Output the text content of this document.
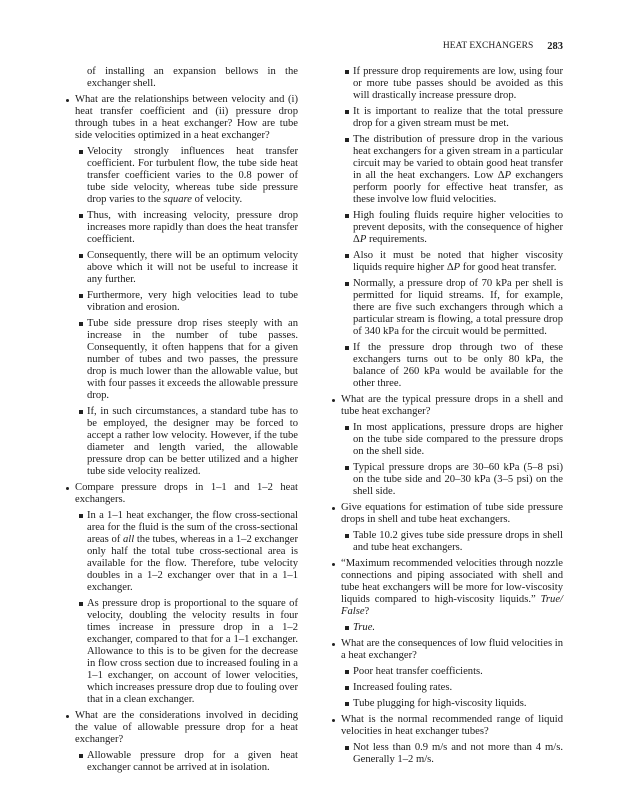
HEAT EXCHANGERS 283
of installing an expansion bellows in the exchanger shell.
What are the relationships between velocity and (i) heat transfer coefficient and (ii) pressure drop through tubes in a heat exchanger? How are tube side velocities optimized in a heat exchanger?
Velocity strongly influences heat transfer coefficient. For turbulent flow, the tube side heat transfer coefficient varies to the 0.8 power of tube side velocity, whereas tube side pressure drop varies to the square of velocity.
Thus, with increasing velocity, pressure drop increases more rapidly than does the heat transfer coefficient.
Consequently, there will be an optimum velocity above which it will not be useful to increase it any further.
Furthermore, very high velocities lead to tube vibration and erosion.
Tube side pressure drop rises steeply with an increase in the number of tube passes. Consequently, it often happens that for a given number of tubes and two passes, the pressure drop is much lower than the allowable value, but with four passes it exceeds the allowable pressure drop.
If, in such circumstances, a standard tube has to be employed, the designer may be forced to accept a rather low velocity. However, if the tube diameter and length varied, the allowable pressure drop can be better utilized and a higher tube side velocity realized.
Compare pressure drops in 1–1 and 1–2 heat exchangers.
In a 1–1 heat exchanger, the flow cross-sectional area for the fluid is the sum of the cross-sectional areas of all the tubes, whereas in a 1–2 exchanger only half the total tube cross-sectional area is available for the flow. Therefore, tube velocity doubles in a 1–2 exchanger over that in a 1–1 exchanger.
As pressure drop is proportional to the square of velocity, doubling the velocity results in four times increase in pressure drop in a 1–2 exchanger, compared to that for a 1–1 exchanger. Allowance to this is to be given for the decrease in flow cross section due to increased fouling in a 1–1 exchanger, on account of lower velocities, which increases pressure drop due to fouling over that in a clean exchanger.
What are the considerations involved in deciding the value of allowable pressure drop for a heat exchanger?
Allowable pressure drop for a given heat exchanger cannot be arrived at in isolation.
If pressure drop requirements are low, using four or more tube passes should be avoided as this will drastically increase pressure drop.
It is important to realize that the total pressure drop for a given stream must be met.
The distribution of pressure drop in the various heat exchangers for a given stream in a particular circuit may be varied to obtain good heat transfer in all the heat exchangers. Low ΔP exchangers perform poorly for effective heat transfer, as these involve low fluid velocities.
High fouling fluids require higher velocities to prevent deposits, with the consequence of higher ΔP requirements.
Also it must be noted that higher viscosity liquids require higher ΔP for good heat transfer.
Normally, a pressure drop of 70 kPa per shell is permitted for liquid streams. If, for example, there are five such exchangers through which a particular stream is flowing, a total pressure drop of 340 kPa for the circuit would be permitted.
If the pressure drop through two of these exchangers turns out to be only 80 kPa, the balance of 260 kPa would be available for the other three.
What are the typical pressure drops in a shell and tube heat exchanger?
In most applications, pressure drops are higher on the tube side compared to the pressure drops on the shell side.
Typical pressure drops are 30–60 kPa (5–8 psi) on the tube side and 20–30 kPa (3–5 psi) on the shell side.
Give equations for estimation of tube side pressure drops in shell and tube heat exchangers.
Table 10.2 gives tube side pressure drops in shell and tube heat exchangers.
“Maximum recommended velocities through nozzle connections and piping associated with shell and tube heat exchangers will be more for low-viscosity liquids compared to high-viscosity liquids.” True/ False?
True.
What are the consequences of low fluid velocities in a heat exchanger?
Poor heat transfer coefficients.
Increased fouling rates.
Tube plugging for high-viscosity liquids.
What is the normal recommended range of liquid velocities in heat exchanger tubes?
Not less than 0.9 m/s and not more than 4 m/s. Generally 1–2 m/s.
